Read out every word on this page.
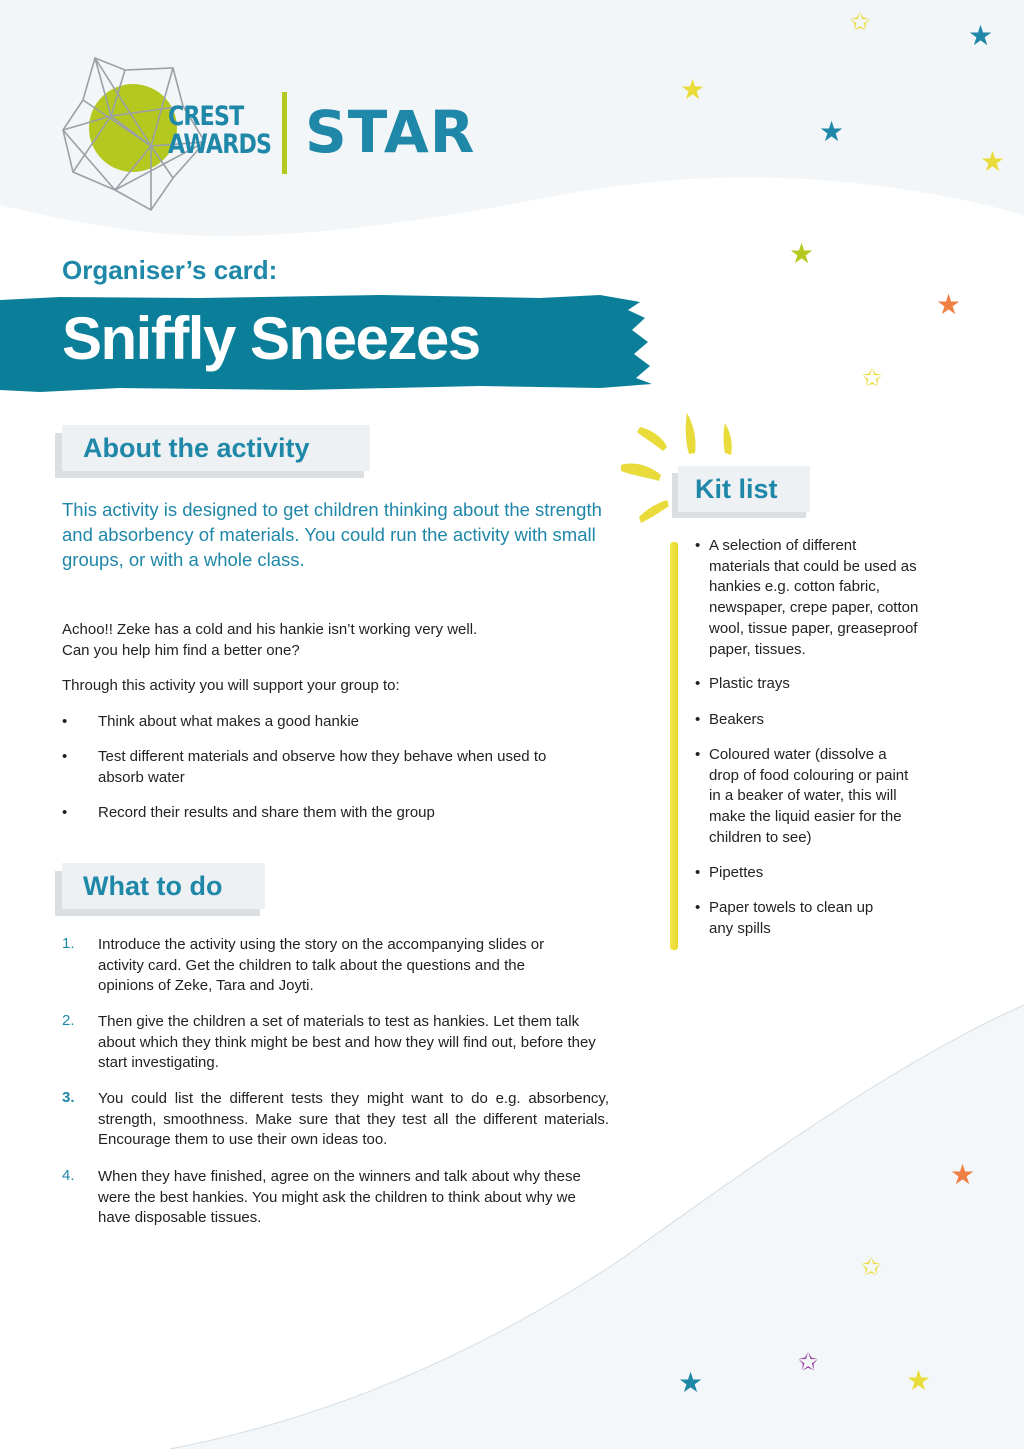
CREST
AWARDS STAR
Organiser’s card:
Sniffly Sneezes
About the activity
This activity is designed to get children thinking about the strength and absorbency of materials. You could run the activity with small groups, or with a whole class.
Achoo!! Zeke has a cold and his hankie isn’t working very well.
Can you help him find a better one?
Through this activity you will support your group to:
• Think about what makes a good hankie
• Test different materials and observe how they behave when used to absorb water
• Record their results and share them with the group
What to do
1. Introduce the activity using the story on the accompanying slides or activity card. Get the children to talk about the questions and the opinions of Zeke, Tara and Joyti.
2. Then give the children a set of materials to test as hankies. Let them talk about which they think might be best and how they will find out, before they start investigating.
3. You could list the different tests they might want to do e.g. absorbency, strength, smoothness. Make sure that they test all the different materials. Encourage them to use their own ideas too.
4. When they have finished, agree on the winners and talk about why these were the best hankies. You might ask the children to think about why we have disposable tissues.
Kit list
• A selection of different materials that could be used as hankies e.g. cotton fabric, newspaper, crepe paper, cotton wool, tissue paper, greaseproof paper, tissues.
• Plastic trays
• Beakers
• Coloured water (dissolve a drop of food colouring or paint in a beaker of water, this will make the liquid easier for the children to see)
• Pipettes
• Paper towels to clean up any spills
✩	★
★
★
★
★
★
✩
★
✩
✩
★	★
